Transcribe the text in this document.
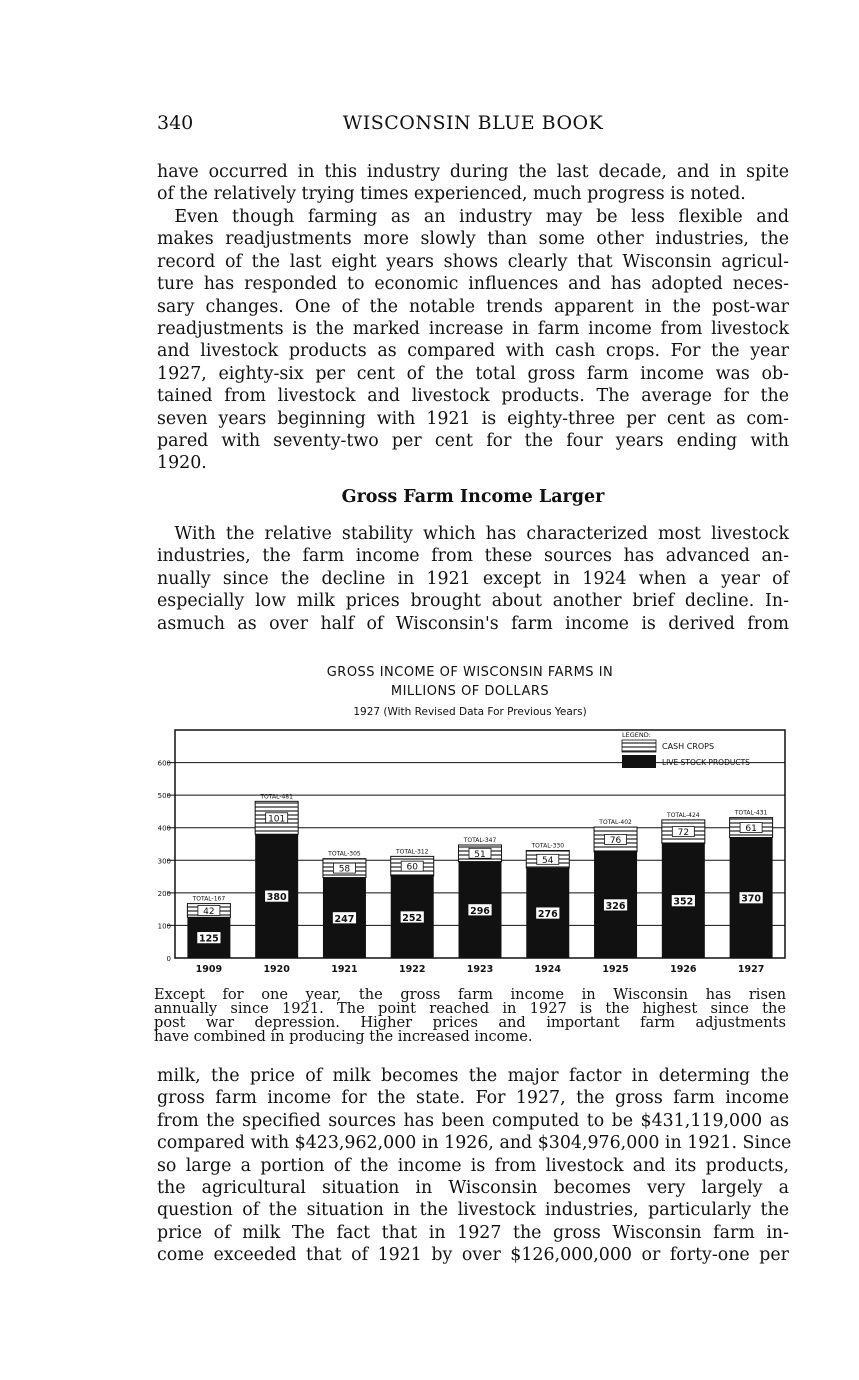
340	WISCONSIN BLUE BOOK

have occurred in this industry during the last decade, and in spite
of the relatively trying times experienced, much progress is noted.

 Even though farming as an industry may be less flexible and
makes readjustments more slowly than some other industries, the
record of the last eight years shows clearly that Wisconsin agricul-
ture has responded to economic influences and has adopted neces-
sary changes. One of the notable trends apparent in the post-war
readjustments is the marked increase in farm income from livestock
and livestock products as compared with cash crops. For the year
1927, eighty-six per cent of the total gross farm income was ob-
tained from livestock and livestock products. The average for the
seven years beginning with 1921 is eighty-three per cent as com-
pared with seventy-two per cent for the four years ending with
1920.

Gross Farm Income Larger

 With the relative stability which has characterized most livestock
industries, the farm income from these sources has advanced an-
nually since the decline in 1921 except in 1924 when a year of
especially low milk prices brought about another brief decline. In-
asmuch as over half of Wisconsin's farm income is derived from

GROSS INCOME OF WISCONSIN FARMS IN
MILLIONS OF DOLLARS
1927 (With Revised Data For Previous Years)
0
100
200
300
400
500
600
125
42
TOTAL-167
1909
380
101
TOTAL-481
1920
247
58
TOTAL-305
1921
252
60
TOTAL-312
1922
296
51
TOTAL-347
1923
276
54
TOTAL-330
1924
326
76
TOTAL-402
1925
352
72
TOTAL-424
1926
370
61
TOTAL-431
1927
LEGEND:
CASH CROPS
LIVE STOCK PRODUCTS

Except for one year, the gross farm income in Wisconsin has risen
annually since 1921. The point reached in 1927 is the highest since the
post war depression. Higher prices and important farm adjustments
have combined in producing the increased income.

milk, the price of milk becomes the major factor in determing the
gross farm income for the state. For 1927, the gross farm income
from the specified sources has been computed to be $431,119,000 as
compared with $423,962,000 in 1926, and $304,976,000 in 1921. Since
so large a portion of the income is from livestock and its products,
the agricultural situation in Wisconsin becomes very largely a
question of the situation in the livestock industries, particularly the
price of milk The fact that in 1927 the gross Wisconsin farm in-
come exceeded that of 1921 by over $126,000,000 or forty-one per
